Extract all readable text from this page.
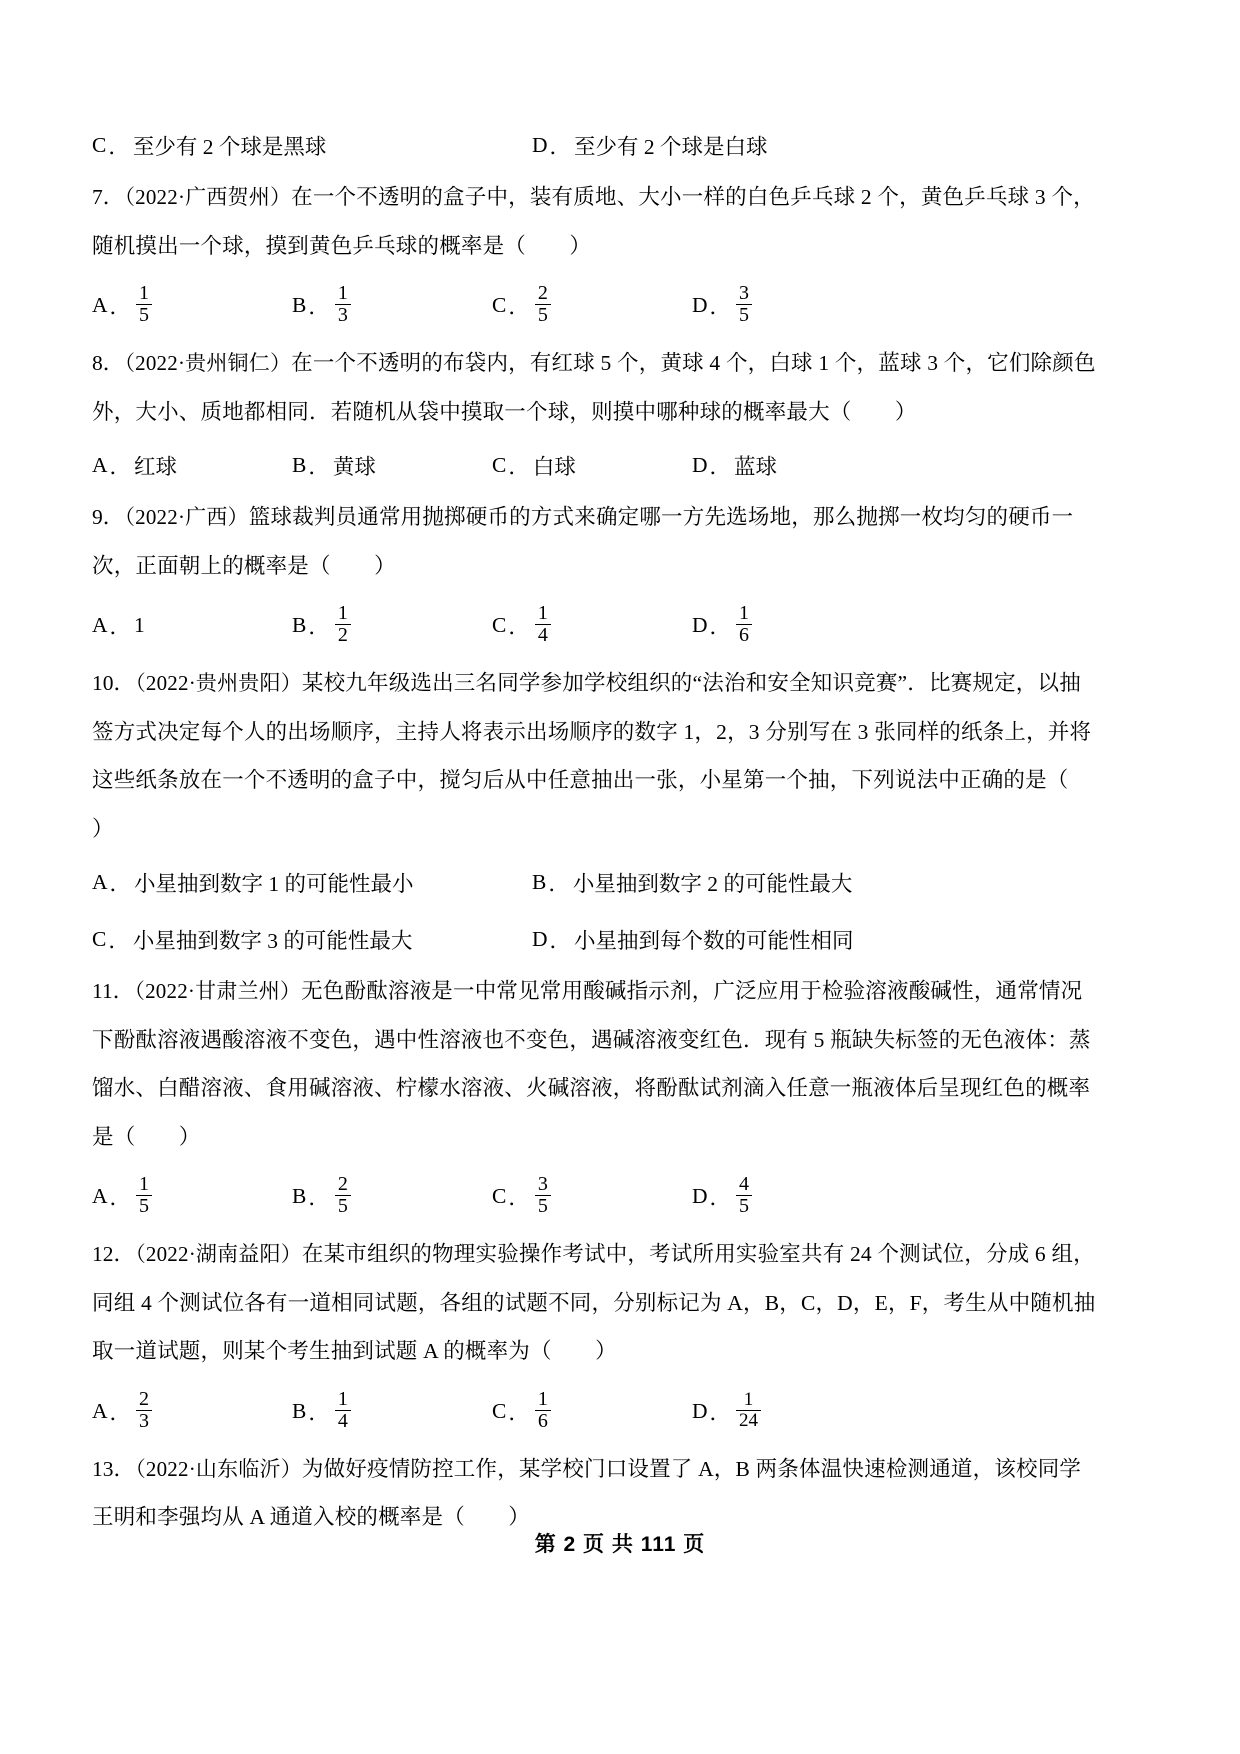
C ． 至少有 2 个球是黑球	D ． 至少有 2 个球是白球
7．（2022·广西贺州）在一个不透明的盒子中，装有质地、大小一样的白色乒乓球 2 个，黄色乒乓球 3 个，
随机摸出一个球，摸到黄色乒乓球的概率是（　　）
A ． $\frac{1}{5}$	B ． $\frac{1}{3}$	C ． $\frac{2}{5}$	D ． $\frac{3}{5}$
8．（2022·贵州铜仁）在一个不透明的布袋内，有红球 5 个，黄球 4 个，白球 1 个，蓝球 3 个，它们除颜色
外，大小、质地都相同．若随机从袋中摸取一个球，则摸中哪种球的概率最大（　　）
A ． 红球	B ． 黄球	C ． 白球	D ． 蓝球
9．（2022·广西）篮球裁判员通常用抛掷硬币的方式来确定哪一方先选场地，那么抛掷一枚均匀的硬币一
次，正面朝上的概率是（　　）
A ． 1	B ． $\frac{1}{2}$	C ． $\frac{1}{4}$	D ． $\frac{1}{6}$
10．（2022·贵州贵阳）某校九年级选出三名同学参加学校组织的“法治和安全知识竞赛”．比赛规定，以抽
签方式决定每个人的出场顺序，主持人将表示出场顺序的数字 1，2，3 分别写在 3 张同样的纸条上，并将
这些纸条放在一个不透明的盒子中，搅匀后从中任意抽出一张，小星第一个抽，下列说法中正确的是（
）
A ． 小星抽到数字 1 的可能性最小	B ． 小星抽到数字 2 的可能性最大
C ． 小星抽到数字 3 的可能性最大	D ． 小星抽到每个数的可能性相同
11．（2022·甘肃兰州）无色酚酞溶液是一中常见常用酸碱指示剂，广泛应用于检验溶液酸碱性，通常情况
下酚酞溶液遇酸溶液不变色，遇中性溶液也不变色，遇碱溶液变红色．现有 5 瓶缺失标签的无色液体：蒸
馏水、白醋溶液、食用碱溶液、柠檬水溶液、火碱溶液，将酚酞试剂滴入任意一瓶液体后呈现红色的概率
是（　　）
A ． $\frac{1}{5}$	B ． $\frac{2}{5}$	C ． $\frac{3}{5}$	D ． $\frac{4}{5}$
12．（2022·湖南益阳）在某市组织的物理实验操作考试中，考试所用实验室共有 24 个测试位，分成 6 组，
同组 4 个测试位各有一道相同试题，各组的试题不同，分别标记为 A，B，C，D，E，F，考生从中随机抽
取一道试题，则某个考生抽到试题 A 的概率为（　　）
A ． $\frac{2}{3}$	B ． $\frac{1}{4}$	C ． $\frac{1}{6}$	D ． $\frac{1}{24}$
13．（2022·山东临沂）为做好疫情防控工作，某学校门口设置了 A，B 两条体温快速检测通道，该校同学
王明和李强均从 A 通道入校的概率是（　　）
第 2 页 共 111 页
